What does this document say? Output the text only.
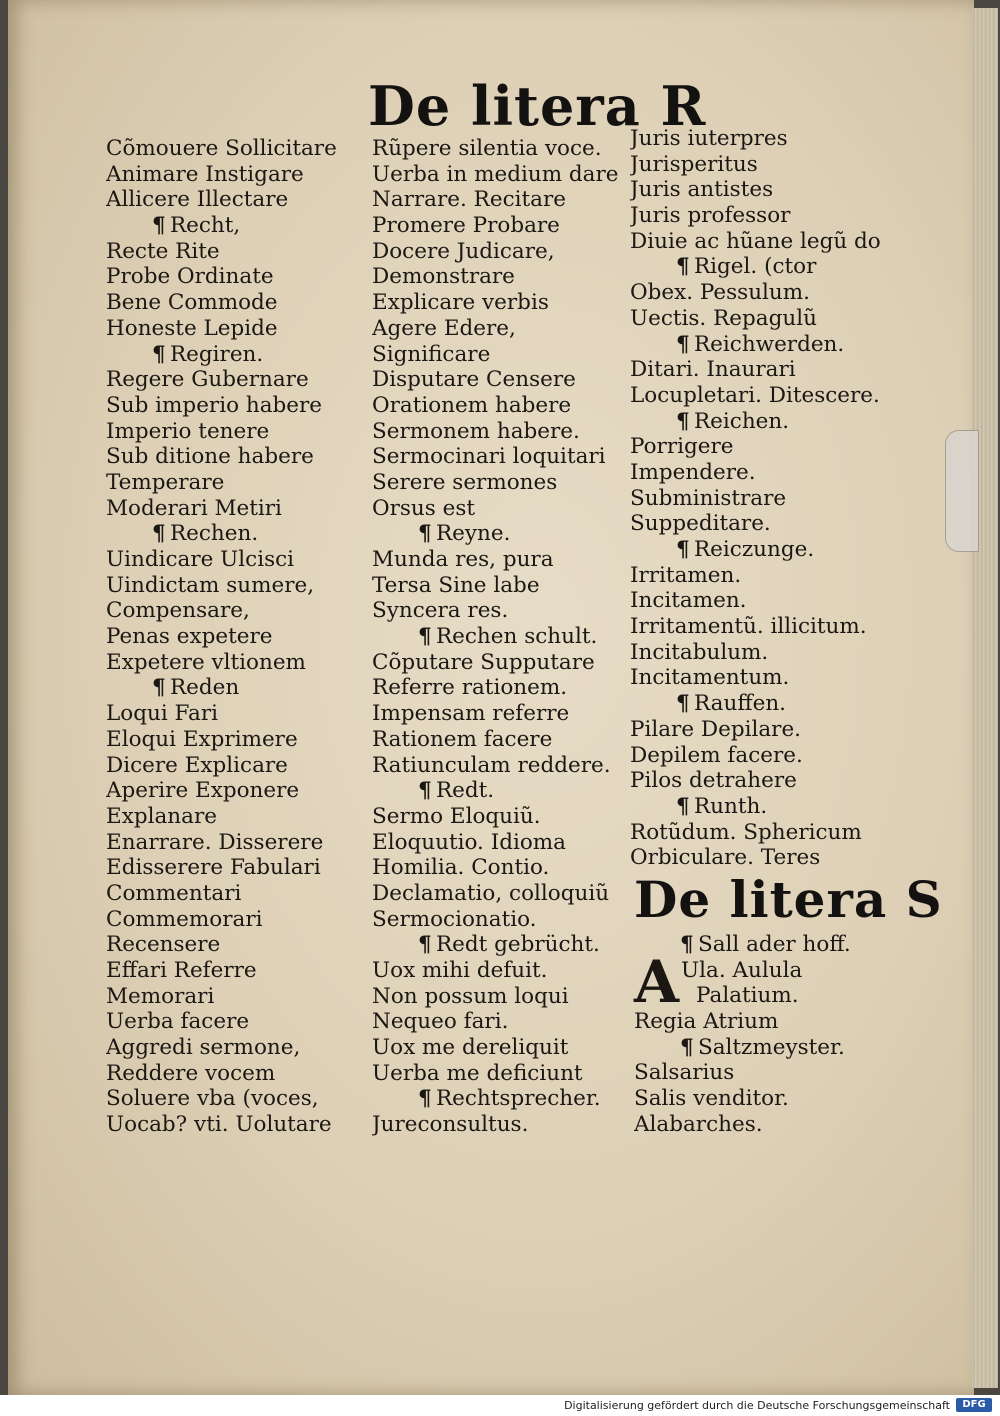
De litera R
Cõmouere Sollicitare
Animare Instigare
Allicere Illectare
¶ Recht,
Recte Rite
Probe Ordinate
Bene Commode
Honeste Lepide
¶ Regiren.
Regere Gubernare
Sub imperio habere
Imperio tenere
Sub ditione habere
Temperare
Moderari Metiri
¶ Rechen.
Uindicare Ulcisci
Uindictam sumere,
Compensare,
Penas expetere
Expetere vltionem
¶ Reden
Loqui Fari
Eloqui Exprimere
Dicere Explicare
Aperire Exponere
Explanare
Enarrare. Disserere
Edisserere Fabulari
Commentari
Commemorari
Recensere
Effari Referre
Memorari
Uerba facere
Aggredi sermone,
Reddere vocem
Soluere vba (voces,
Uocab? vti. Uolutare
Rũpere silentia voce.
Uerba in medium dare
Narrare. Recitare
Promere Probare
Docere Judicare,
Demonstrare
Explicare verbis
Agere Edere,
Significare
Disputare Censere
Orationem habere
Sermonem habere.
Sermocinari loquitari
Serere sermones
Orsus est
¶ Reyne.
Munda res, pura
Tersa Sine labe
Syncera res.
¶ Rechen schult.
Cõputare Supputare
Referre rationem.
Impensam referre
Rationem facere
Ratiunculam reddere.
¶ Redt.
Sermo Eloquiũ.
Eloquutio. Idioma
Homilia. Contio.
Declamatio, colloquiũ
Sermocionatio.
¶ Redt gebrücht.
Uox mihi defuit.
Non possum loqui
Nequeo fari.
Uox me dereliquit
Uerba me deficiunt
¶ Rechtsprecher.
Jureconsultus.
Juris iuterpres
Jurisperitus
Juris antistes
Juris professor
Diuie ac hũane legũ do
¶ Rigel. (ctor
Obex. Pessulum.
Uectis. Repagulũ
¶ Reichwerden.
Ditari. Inaurari
Locupletari. Ditescere.
¶ Reichen.
Porrigere
Impendere.
Subministrare
Suppeditare.
¶ Reiczunge.
Irritamen.
Incitamen.
Irritamentũ. illicitum.
Incitabulum.
Incitamentum.
¶ Rauffen.
Pilare Depilare.
Depilem facere.
Pilos detrahere
¶ Runth.
Rotũdum. Sphericum
Orbiculare. Teres
De litera S
¶ Sall ader hoff.
AUla. Aulula
Palatium.
Regia Atrium
¶ Saltzmeyster.
Salsarius
Salis venditor.
Alabarches.
Digitalisierung gefördert durch die Deutsche Forschungsgemeinschaft	DFG
